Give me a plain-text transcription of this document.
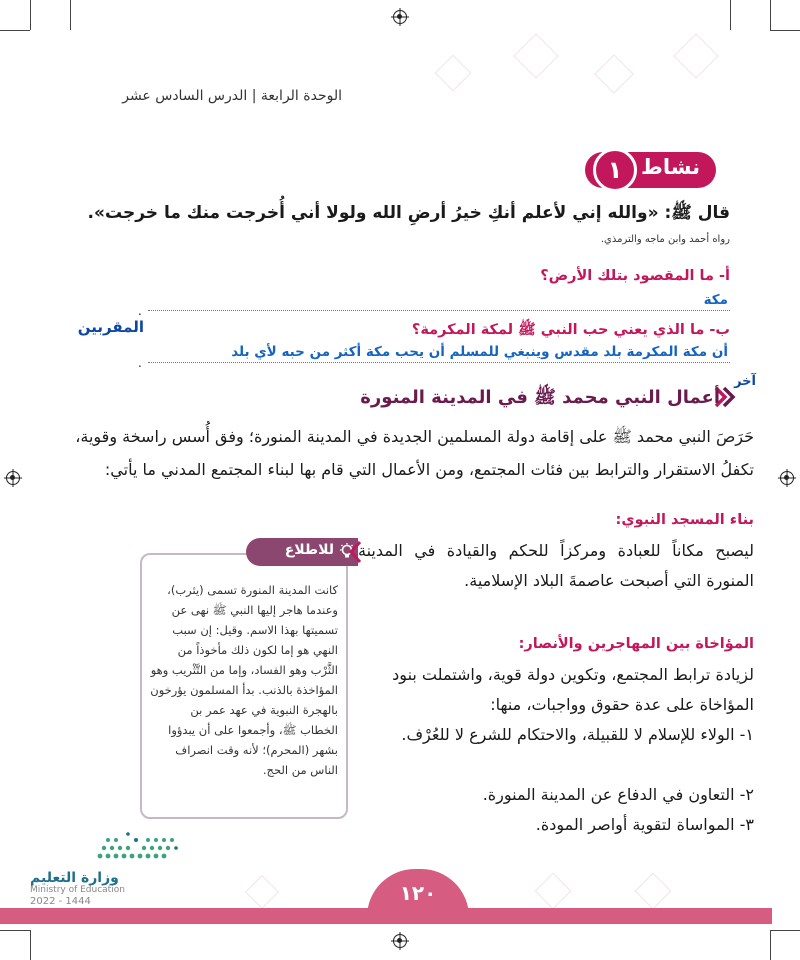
الوحدة الرابعة | الدرس السادس عشر
نشاط
١
قال ﷺ: «والله إني لأعلم أنكِ خيرُ أرضِ الله ولولا أني أُخرجت منك ما خرجت».
رواه أحمد وابن ماجه والترمذي.
أ- ما المقصود بتلك الأرض؟
.
مكة
ب- ما الذي يعني حب النبي ﷺ لمكة المكرمة؟
المقربين
.
أن مكة المكرمة بلد مقدس وينبغي للمسلم أن يحب مكة أكثر من حبه لأي بلد
آخر
أعمال النبي محمد ﷺ في المدينة المنورة
حَرَصَ النبي محمد ﷺ على إقامة دولة المسلمين الجديدة في المدينة المنورة؛ وفق أُسس راسخة وقوية، تكفلُ الاستقرار والترابط بين فئات المجتمع، ومن الأعمال التي قام بها لبناء المجتمع المدني ما يأتي:
بناء المسجد النبوي:
ليصبح مكاناً للعبادة ومركزاً للحكم والقيادة في المدينة المنورة التي أصبحت عاصمةَ البلاد الإسلامية.
المؤاخاة بين المهاجرين والأنصار:
لزيادة ترابط المجتمع، وتكوين دولة قوية، واشتملت بنود المؤاخاة على عدة حقوق وواجبات، منها:
١- الولاء للإسلام لا للقبيلة، والاحتكام للشرع لا للعُرْف.
٢- التعاون في الدفاع عن المدينة المنورة.
٣- المواساة لتقوية أواصر المودة.
للاطلاع
كانت المدينة المنورة تسمى (يثرب)، وعندما هاجر إليها النبي ﷺ نهى عن تسميتها بهذا الاسم. وقيل: إن سبب النهي هو إما لكون ذلك مأخوذاً من الثَّرْب وهو الفساد، وإما من التَّثْريب وهو المؤاخذة بالذنب. بدأ المسلمون يؤرخون بالهجرة النبوية في عهد عمر بن الخطاب ﷺ، وأجمعوا على أن يبدؤوا بشهر (المحرم)؛ لأنه وقت انصراف الناس من الحج.
وزارة التعليم
Ministry of Education
2022 - 1444	١٢٠
